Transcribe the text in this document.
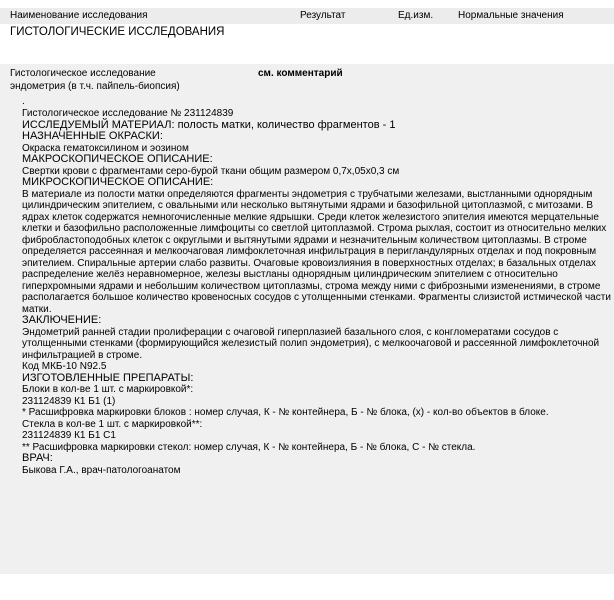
Наименование исследования	Результат	Ед.изм. Нормальные значения
ГИСТОЛОГИЧЕСКИЕ ИССЛЕДОВАНИЯ
Гистологическое исследование
эндометрия (в т.ч. пайпель-биопсия)
см. комментарий
.
Гистологическое исследование № 231124839
ИССЛЕДУЕМЫЙ МАТЕРИАЛ: полость матки, количество фрагментов - 1
НАЗНАЧЕННЫЕ ОКРАСКИ:
Окраска гематоксилином и эозином
МАКРОСКОПИЧЕСКОЕ ОПИСАНИЕ:
Свертки крови с фрагментами серо-бурой ткани общим размером 0,7х,05х0,3 см
МИКРОСКОПИЧЕСКОЕ ОПИСАНИЕ:
В материале из полости матки определяются фрагменты эндометрия с трубчатыми железами, выстланными однорядным цилиндрическим эпителием, с овальными или несколько вытянутыми ядрами и базофильной цитоплазмой, с митозами. В ядрах клеток содержатся немногочисленные мелкие ядрышки. Среди клеток железистого эпителия имеются мерцательные клетки и базофильно расположенные лимфоциты со светлой цитоплазмой. Строма рыхлая, состоит из относительно мелких фибробластоподобных клеток с округлыми и вытянутыми ядрами и незначительным количеством цитоплазмы. В строме определяется рассеянная и мелкоочаговая лимфоклеточная инфильтрация в перигландулярных отделах и под покровным эпителием. Спиральные артерии слабо развиты. Очаговые кровоизлияния в поверхностных отделах; в базальных отделах распределение желёз неравномерное, железы выстланы однорядным цилиндрическим эпителием с относительно гиперхромными ядрами и небольшим количеством цитоплазмы, строма между ними с фиброзными изменениями, в строме располагается большое количество кровеносных сосудов с утолщенными стенками. Фрагменты слизистой истмической части матки.
ЗАКЛЮЧЕНИЕ:
Эндометрий ранней стадии пролиферации с очаговой гиперплазией базального слоя, с конгломератами сосудов с утолщенными стенками (формирующийся железистый полип эндометрия), с мелкоочаговой и рассеянной лимфоклеточной инфильтрацией в строме.
Код МКБ-10 N92.5
ИЗГОТОВЛЕННЫЕ ПРЕПАРАТЫ:
Блоки в кол-ве 1 шт. с маркировкой*:
231124839 К1 Б1 (1)
* Расшифровка маркировки блоков : номер случая, К - № контейнера, Б - № блока, (х) - кол-во объектов в блоке.
Стекла в кол-ве 1 шт. с маркировкой**:
231124839 К1 Б1 С1
** Расшифровка маркировки стекол: номер случая, К - № контейнера, Б - № блока, С - № стекла.
ВРАЧ:
Быкова Г.А., врач-патологоанатом
